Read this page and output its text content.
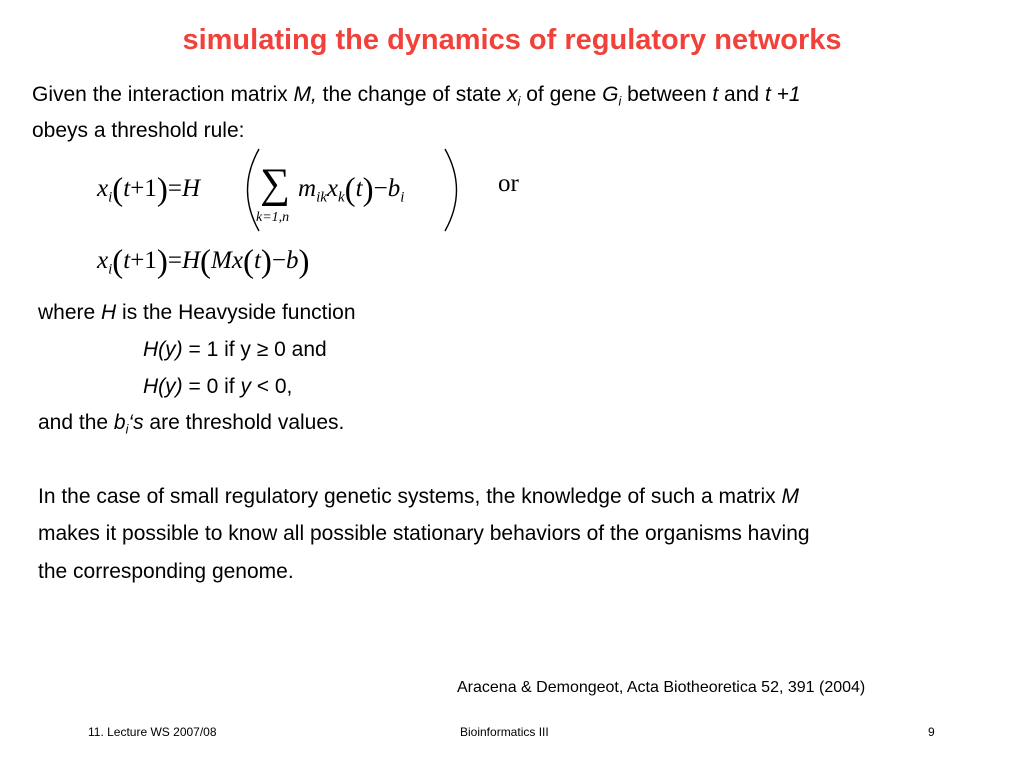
simulating the dynamics of regulatory networks
Given the interaction matrix M, the change of state $x_i$ of gene $G_i$ between t and t +1
obeys a threshold rule:
$x_i(t+1)=H$ ∑
k=1,n
$m_{ik}x_k(t)-b_i$
or
$x_i(t+1)=H(Mx(t)-b)$
where H is the Heavyside function
H(y) = 1 if y ≥ 0 and
H(y) = 0 if y < 0,
and the $b_i‘s$ are threshold values.
In the case of small regulatory genetic systems, the knowledge of such a matrix M
makes it possible to know all possible stationary behaviors of the organisms having
the corresponding genome.
Aracena & Demongeot, Acta Biotheoretica 52, 391 (2004)
11. Lecture WS 2007/08	Bioinformatics III	9
